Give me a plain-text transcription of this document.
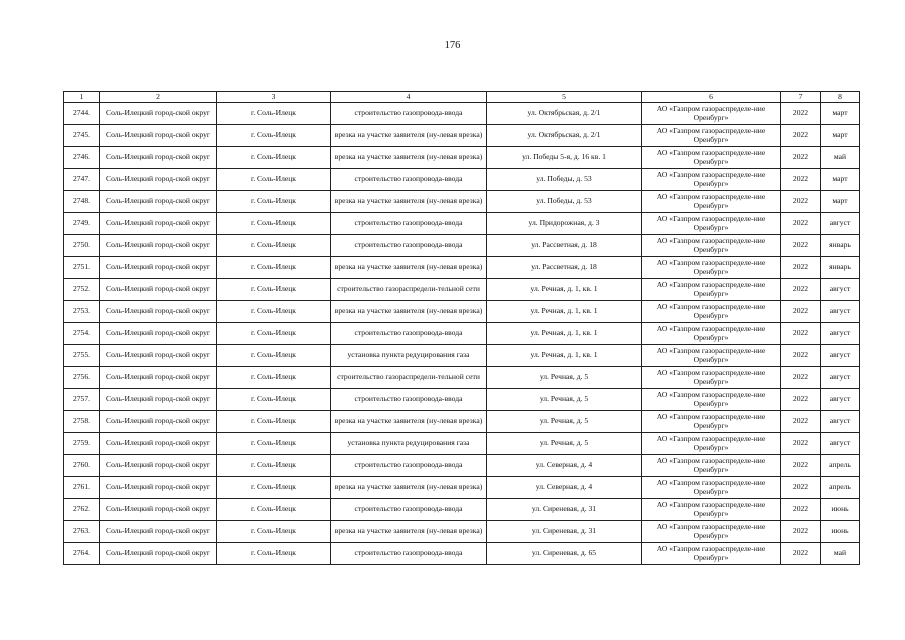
176
1	2	3	4	5	6	7	8
2744.	Соль-Илецкий город-ской округ	г. Соль-Илецк	строительство газопровода-ввода	ул. Октябрьская, д. 2/1	АО «Газпром газораспределе-ние Оренбург»	2022	март
2745.	Соль-Илецкий город-ской округ	г. Соль-Илецк	врезка на участке заявителя (ну-левая врезка)	ул. Октябрьская, д. 2/1	АО «Газпром газораспределе-ние Оренбург»	2022	март
2746.	Соль-Илецкий город-ской округ	г. Соль-Илецк	врезка на участке заявителя (ну-левая врезка)	ул. Победы 5-я, д. 16 кв. 1	АО «Газпром газораспределе-ние Оренбург»	2022	май
2747.	Соль-Илецкий город-ской округ	г. Соль-Илецк	строительство газопровода-ввода	ул. Победы, д. 53	АО «Газпром газораспределе-ние Оренбург»	2022	март
2748.	Соль-Илецкий город-ской округ	г. Соль-Илецк	врезка на участке заявителя (ну-левая врезка)	ул. Победы, д. 53	АО «Газпром газораспределе-ние Оренбург»	2022	март
2749.	Соль-Илецкий город-ской округ	г. Соль-Илецк	строительство газопровода-ввода	ул. Придорожная, д. 3	АО «Газпром газораспределе-ние Оренбург»	2022	август
2750.	Соль-Илецкий город-ской округ	г. Соль-Илецк	строительство газопровода-ввода	ул. Рассветная, д. 18	АО «Газпром газораспределе-ние Оренбург»	2022	январь
2751.	Соль-Илецкий город-ской округ	г. Соль-Илецк	врезка на участке заявителя (ну-левая врезка)	ул. Рассветная, д. 18	АО «Газпром газораспределе-ние Оренбург»	2022	январь
2752.	Соль-Илецкий город-ской округ	г. Соль-Илецк	строительство газораспредели-тельной сети	ул. Речная, д. 1, кв. 1	АО «Газпром газораспределе-ние Оренбург»	2022	август
2753.	Соль-Илецкий город-ской округ	г. Соль-Илецк	врезка на участке заявителя (ну-левая врезка)	ул. Речная, д. 1, кв. 1	АО «Газпром газораспределе-ние Оренбург»	2022	август
2754.	Соль-Илецкий город-ской округ	г. Соль-Илецк	строительство газопровода-ввода	ул. Речная, д. 1, кв. 1	АО «Газпром газораспределе-ние Оренбург»	2022	август
2755.	Соль-Илецкий город-ской округ	г. Соль-Илецк	установка пункта редуцирования газа	ул. Речная, д. 1, кв. 1	АО «Газпром газораспределе-ние Оренбург»	2022	август
2756.	Соль-Илецкий город-ской округ	г. Соль-Илецк	строительство газораспредели-тельной сети	ул. Речная, д. 5	АО «Газпром газораспределе-ние Оренбург»	2022	август
2757.	Соль-Илецкий город-ской округ	г. Соль-Илецк	строительство газопровода-ввода	ул. Речная, д. 5	АО «Газпром газораспределе-ние Оренбург»	2022	август
2758.	Соль-Илецкий город-ской округ	г. Соль-Илецк	врезка на участке заявителя (ну-левая врезка)	ул. Речная, д. 5	АО «Газпром газораспределе-ние Оренбург»	2022	август
2759.	Соль-Илецкий город-ской округ	г. Соль-Илецк	установка пункта редуцирования газа	ул. Речная, д. 5	АО «Газпром газораспределе-ние Оренбург»	2022	август
2760.	Соль-Илецкий город-ской округ	г. Соль-Илецк	строительство газопровода-ввода	ул. Северная, д. 4	АО «Газпром газораспределе-ние Оренбург»	2022	апрель
2761.	Соль-Илецкий город-ской округ	г. Соль-Илецк	врезка на участке заявителя (ну-левая врезка)	ул. Северная, д. 4	АО «Газпром газораспределе-ние Оренбург»	2022	апрель
2762.	Соль-Илецкий город-ской округ	г. Соль-Илецк	строительство газопровода-ввода	ул. Сиреневая, д. 31	АО «Газпром газораспределе-ние Оренбург»	2022	июнь
2763.	Соль-Илецкий город-ской округ	г. Соль-Илецк	врезка на участке заявителя (ну-левая врезка)	ул. Сиреневая, д. 31	АО «Газпром газораспределе-ние Оренбург»	2022	июнь
2764.	Соль-Илецкий город-ской округ	г. Соль-Илецк	строительство газопровода-ввода	ул. Сиреневая, д. 65	АО «Газпром газораспределе-ние Оренбург»	2022	май
